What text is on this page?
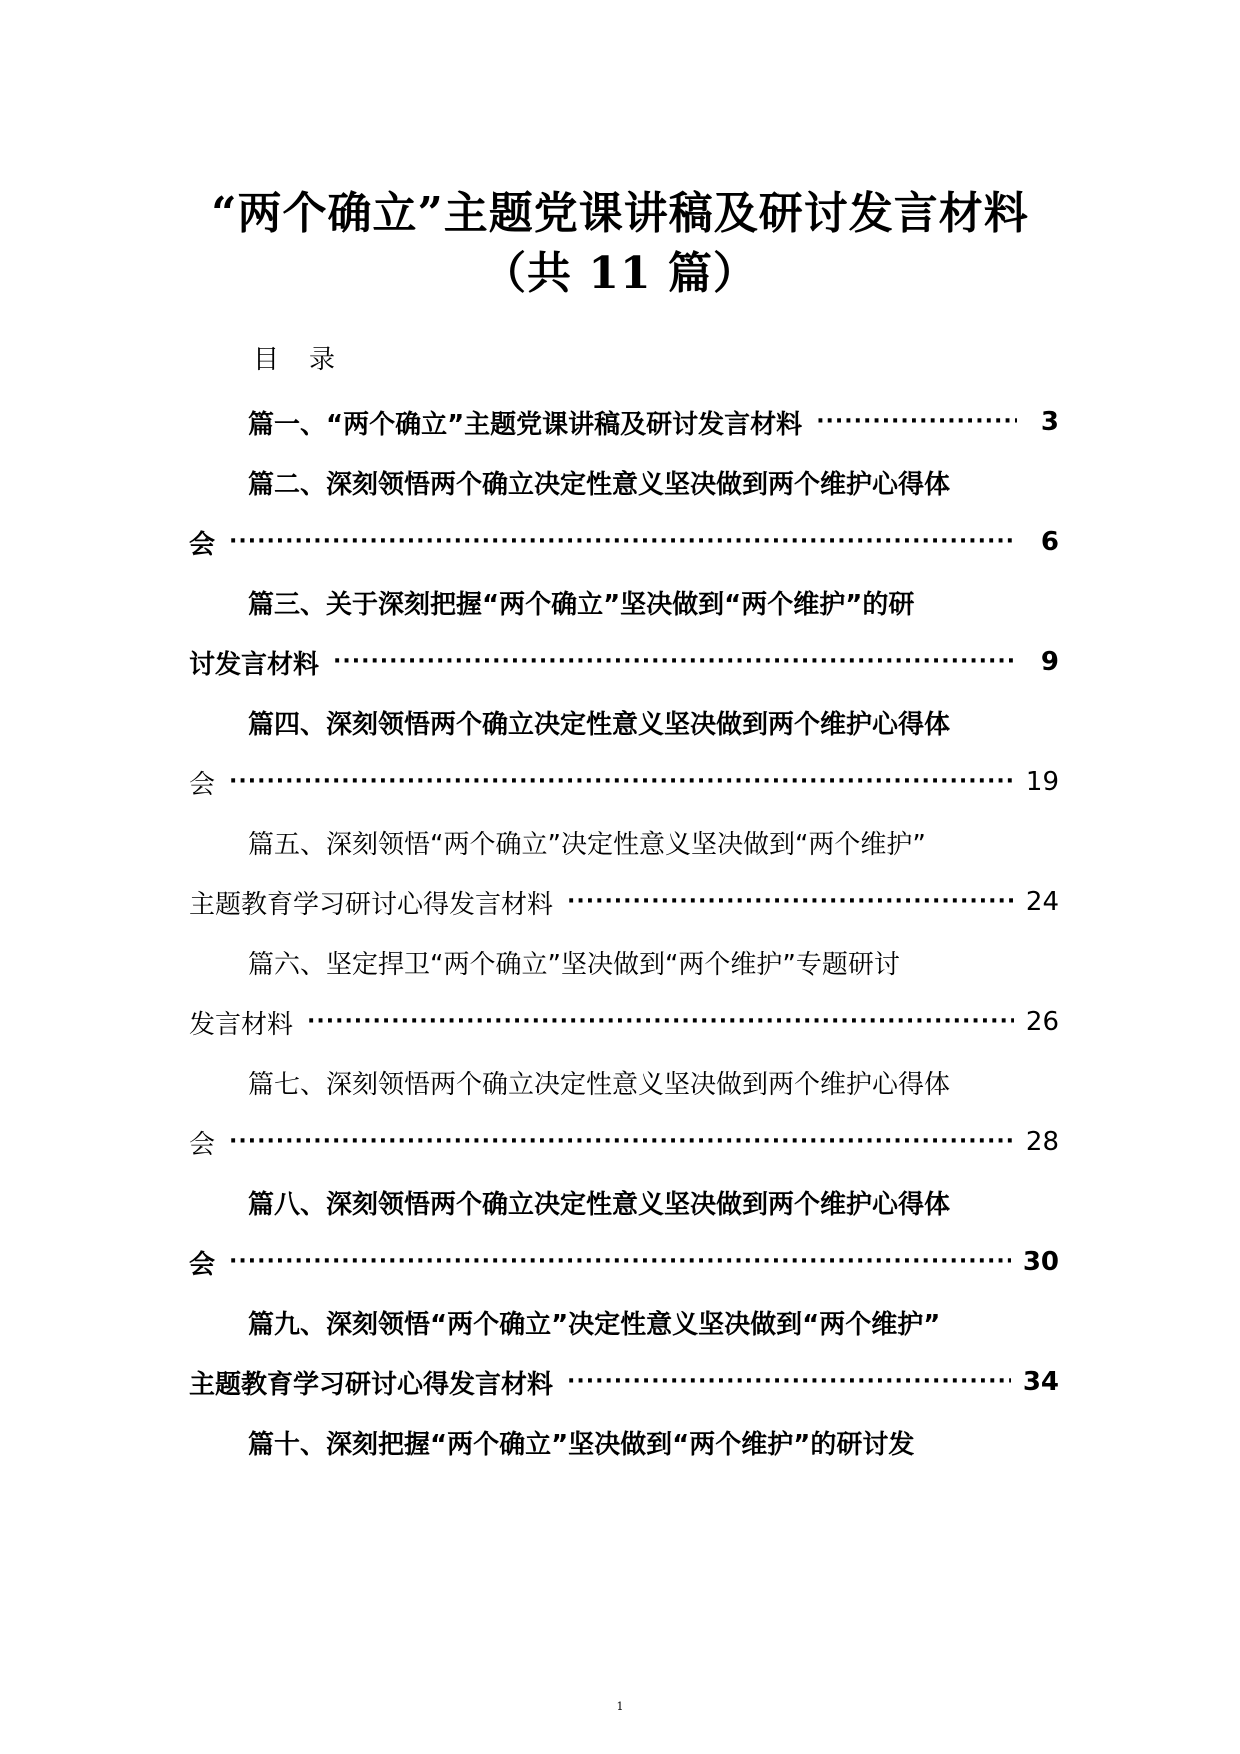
“两个确立”主题党课讲稿及研讨发言材料
（共 11 篇）
目 录
篇一、“两个确立”主题党课讲稿及研讨发言材料 ·····	3
篇二、深刻领悟两个确立决定性意义坚决做到两个维护心得体
会 ·····	6
篇三、关于深刻把握“两个确立”坚决做到“两个维护”的研
讨发言材料 ·····	9
篇四、深刻领悟两个确立决定性意义坚决做到两个维护心得体
会 ·····	19
篇五、深刻领悟“两个确立”决定性意义坚决做到“两个维护”
主题教育学习研讨心得发言材料 ·····	24
篇六、坚定捍卫“两个确立”坚决做到“两个维护”专题研讨
发言材料 ·····	26
篇七、深刻领悟两个确立决定性意义坚决做到两个维护心得体
会 ·····	28
篇八、深刻领悟两个确立决定性意义坚决做到两个维护心得体
会 ·····	30
篇九、深刻领悟“两个确立”决定性意义坚决做到“两个维护”
主题教育学习研讨心得发言材料 ·····	34
篇十、深刻把握“两个确立”坚决做到“两个维护”的研讨发
1
